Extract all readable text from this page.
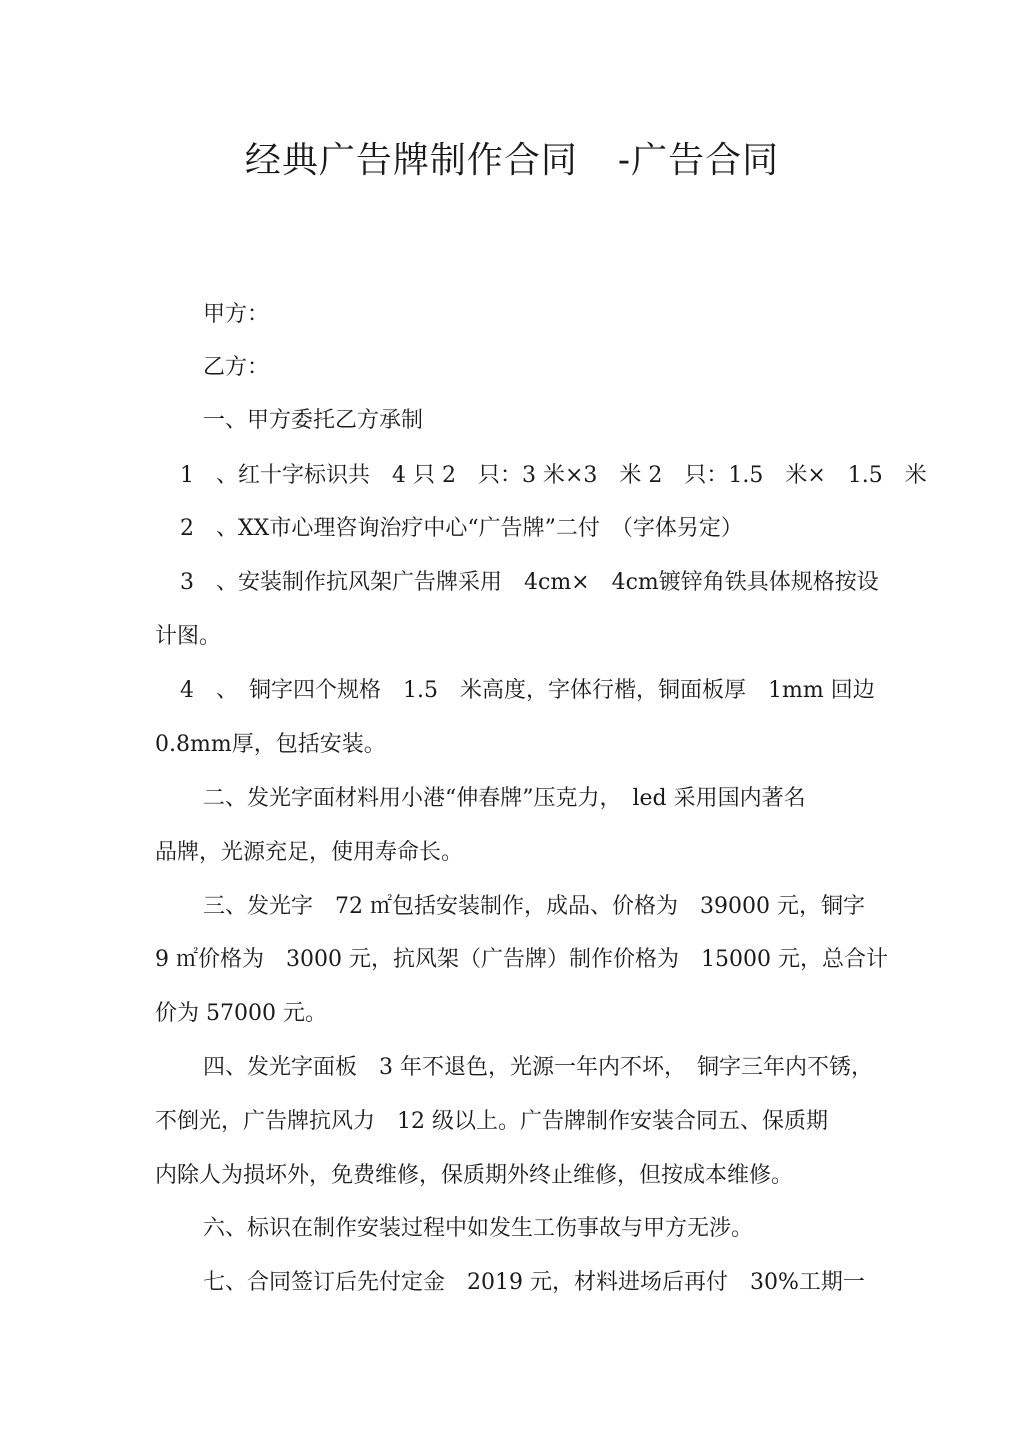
经典广告牌制作合同 -广告合同
甲方：
乙方：
一、甲方委托乙方承制
1　、红十字标识共　4 只 2　只：3 米×3　米 2　只：1.5　米×　1.5　米
2　、XX市心理咨询治疗中心“广告牌”二付　（字体另定）
3　、安装制作抗风架广告牌采用　4cm×　4cm镀锌角铁具体规格按设
计图。
4　、　铜字四个规格　1.5　米高度，字体行楷，铜面板厚　1mm 回边
0.8mm厚，包括安装。
二、发光字面材料用小港“伸春牌”压克力，　led 采用国内著名
品牌，光源充足，使用寿命长。
三、发光字　72 ㎡包括安装制作，成品、价格为　39000 元，铜字
9 ㎡价格为　3000 元，抗风架（广告牌）制作价格为　15000 元，总合计
价为 57000 元。
四、发光字面板　3 年不退色，光源一年内不坏，　铜字三年内不锈，
不倒光，广告牌抗风力　12 级以上。广告牌制作安装合同五、保质期
内除人为损坏外，免费维修，保质期外终止维修，但按成本维修。
六、标识在制作安装过程中如发生工伤事故与甲方无涉。
七、合同签订后先付定金　2019 元，材料进场后再付　30%工期一
